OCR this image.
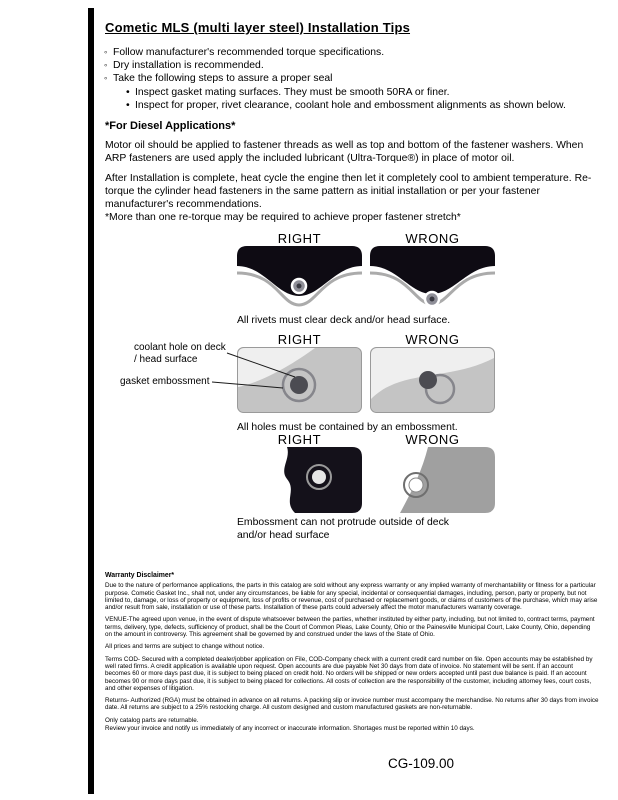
Cometic MLS (multi layer steel) Installation Tips
◦ Follow manufacturer's recommended torque specifications.
◦ Dry installation is recommended.
◦ Take the following steps to assure a proper seal
• Inspect gasket mating surfaces. They must be smooth 50RA or finer.
• Inspect for proper, rivet clearance, coolant hole and embossment alignments as shown below.
*For Diesel Applications*

Motor oil should be applied to fastener threads as well as top and bottom of the fastener washers. When ARP fasteners are used apply the included lubricant (Ultra-Torque®) in place of motor oil.

After Installation is complete, heat cycle the engine then let it completely cool to ambient temperature. Re-torque the cylinder head fasteners in the same pattern as initial installation or per your fastener manufacturer's recommendations.

*More than one re-torque may be required to achieve proper fastener stretch*

RIGHT	WRONG
All rivets must clear deck and/or head surface.
RIGHT	WRONG
All holes must be contained by an embossment.
coolant hole on deck / head surface
gasket embossment
RIGHT	WRONG
Embossment can not protrude outside of deck and/or head surface
Warranty Disclaimer*

Due to the nature of performance applications, the parts in this catalog are sold without any express warranty or any implied warranty of merchantability or fitness for a particular purpose. Cometic Gasket Inc., shall not, under any circumstances, be liable for any special, incidental or consequential damages, including, person, party or property, but not limited to, damage, or loss of property or equipment, loss of profits or revenue, cost of purchased or replacement goods, or claims of customers of the purchase, which may arise and/or result from sale, installation or use of these parts. Installation of these parts could adversely affect the motor manufacturers warranty coverage.

VENUE-The agreed upon venue, in the event of dispute whatsoever between the parties, whether instituted by either party, including, but not limited to, contract terms, payment terms, delivery, type, defects, sufficiency of product, shall be the Court of Common Pleas, Lake County, Ohio or the Painesville Municipal Court, Lake County, Ohio, depending on the amount in controversy. This agreement shall be governed by and construed under the laws of the State of Ohio.

All prices and terms are subject to change without notice.

Terms COD- Secured with a completed dealer/jobber application on File, COD-Company check with a current credit card number on file. Open accounts may be established by well rated firms. A credit application is available upon request. Open accounts are due payable Net 30 days from date of invoice. No statement will be sent. If an account becomes 60 or more days past due, it is subject to being placed on credit hold. No orders will be shipped or new orders accepted until past due balance is paid. If an account becomes 90 or more days past due, it is subject to being placed for collections. All costs of collection are the responsibility of the customer, including attorney fees, court costs, and other expenses of litigation.

Returns- Authorized (RGA) must be obtained in advance on all returns. A packing slip or invoice number must accompany the merchandise. No returns after 30 days from invoice date. All returns are subject to a 25% restocking charge. All custom designed and custom manufactured gaskets are non-returnable.

Only catalog parts are returnable.

Review your invoice and notify us immediately of any incorrect or inaccurate information. Shortages must be reported within 10 days.

CG-109.00
